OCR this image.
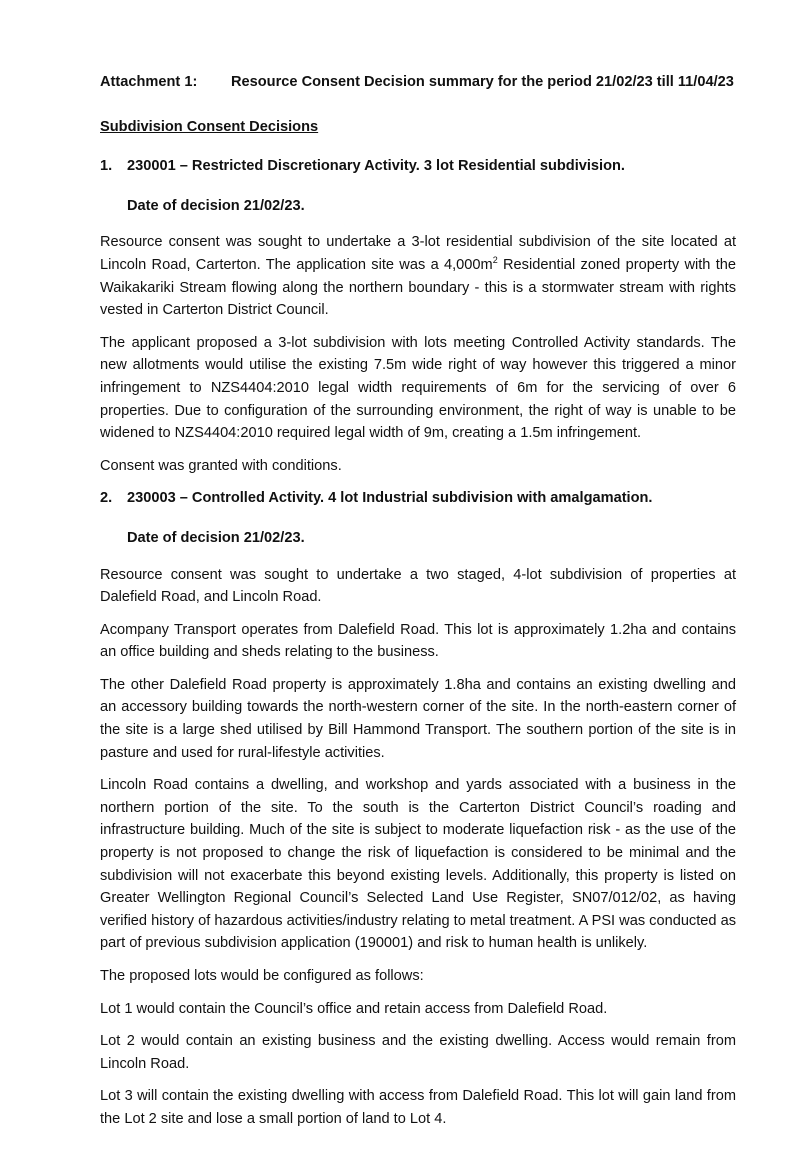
Attachment 1:	Resource Consent Decision summary for the period 21/02/23 till 11/04/23
Subdivision Consent Decisions
1.	230001 – Restricted Discretionary Activity. 3 lot Residential subdivision.
Date of decision 21/02/23.

Resource consent was sought to undertake a 3-lot residential subdivision of the site located at Lincoln Road, Carterton. The application site was a $4,000m^2$ Residential zoned property with the Waikakariki Stream flowing along the northern boundary - this is a stormwater stream with rights vested in Carterton District Council.

The applicant proposed a 3-lot subdivision with lots meeting Controlled Activity standards. The new allotments would utilise the existing 7.5m wide right of way however this triggered a minor infringement to NZS4404:2010 legal width requirements of 6m for the servicing of over 6 properties. Due to configuration of the surrounding environment, the right of way is unable to be widened to NZS4404:2010 required legal width of 9m, creating a 1.5m infringement.

Consent was granted with conditions.

2.	230003 – Controlled Activity. 4 lot Industrial subdivision with amalgamation.
Date of decision 21/02/23.

Resource consent was sought to undertake a two staged, 4-lot subdivision of properties at Dalefield Road, and Lincoln Road.

Acompany Transport operates from Dalefield Road. This lot is approximately 1.2ha and contains an office building and sheds relating to the business.

The other Dalefield Road property is approximately 1.8ha and contains an existing dwelling and an accessory building towards the north-western corner of the site. In the north-eastern corner of the site is a large shed utilised by Bill Hammond Transport. The southern portion of the site is in pasture and used for rural-lifestyle activities.

Lincoln Road contains a dwelling, and workshop and yards associated with a business in the northern portion of the site. To the south is the Carterton District Council’s roading and infrastructure building. Much of the site is subject to moderate liquefaction risk - as the use of the property is not proposed to change the risk of liquefaction is considered to be minimal and the subdivision will not exacerbate this beyond existing levels. Additionally, this property is listed on Greater Wellington Regional Council’s Selected Land Use Register, SN07/012/02, as having verified history of hazardous activities/industry relating to metal treatment. A PSI was conducted as part of previous subdivision application (190001) and risk to human health is unlikely.

The proposed lots would be configured as follows:

Lot 1 would contain the Council’s office and retain access from Dalefield Road.

Lot 2 would contain an existing business and the existing dwelling. Access would remain from Lincoln Road.

Lot 3 will contain the existing dwelling with access from Dalefield Road. This lot will gain land from the Lot 2 site and lose a small portion of land to Lot 4.
